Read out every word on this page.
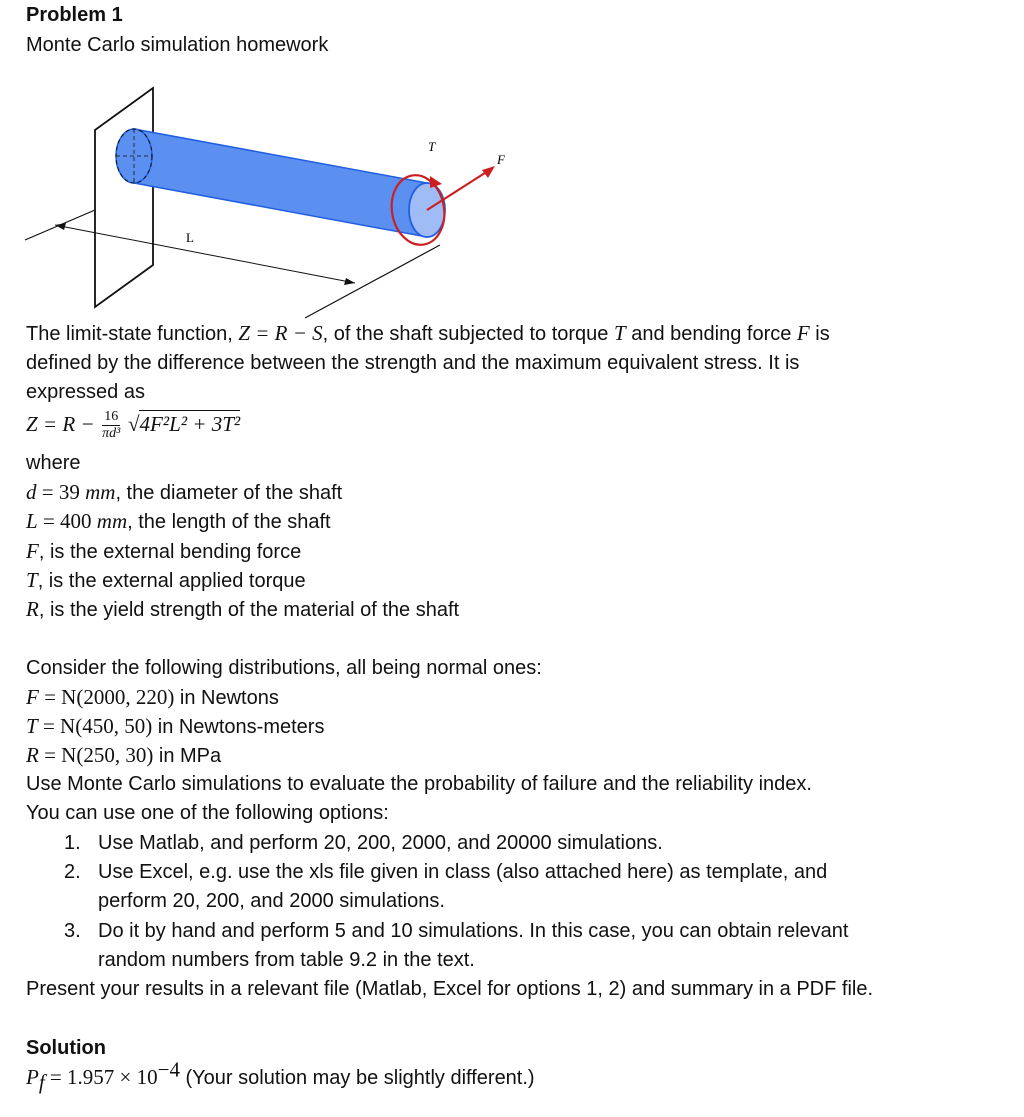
Problem 1
Monte Carlo simulation homework
T
F
L
The limit-state function, Z = R − S, of the shaft subjected to torque T and bending force F is
defined by the difference between the strength and the maximum equivalent stress. It is
expressed as
$Z = R - \frac{16}{\text{πd³}} √4F^2L^2 + 3T^2$
where
d = 39 mm, the diameter of the shaft
L = 400 mm, the length of the shaft
F, is the external bending force
T, is the external applied torque
R, is the yield strength of the material of the shaft
Consider the following distributions, all being normal ones:
F = N(2000, 220) in Newtons
T = N(450, 50) in Newtons-meters
R = N(250, 30) in MPa
Use Monte Carlo simulations to evaluate the probability of failure and the reliability index.
You can use one of the following options:
1. Use Matlab, and perform 20, 200, 2000, and 20000 simulations.
2. Use Excel, e.g. use the xls file given in class (also attached here) as template, and
perform 20, 200, and 2000 simulations.
3. Do it by hand and perform 5 and 10 simulations. In this case, you can obtain relevant
random numbers from table 9.2 in the text.
Present your results in a relevant file (Matlab, Excel for options 1, 2) and summary in a PDF file.
Solution
$P_f = 1.957 \times 10^{-4}$ (Your solution may be slightly different.)
